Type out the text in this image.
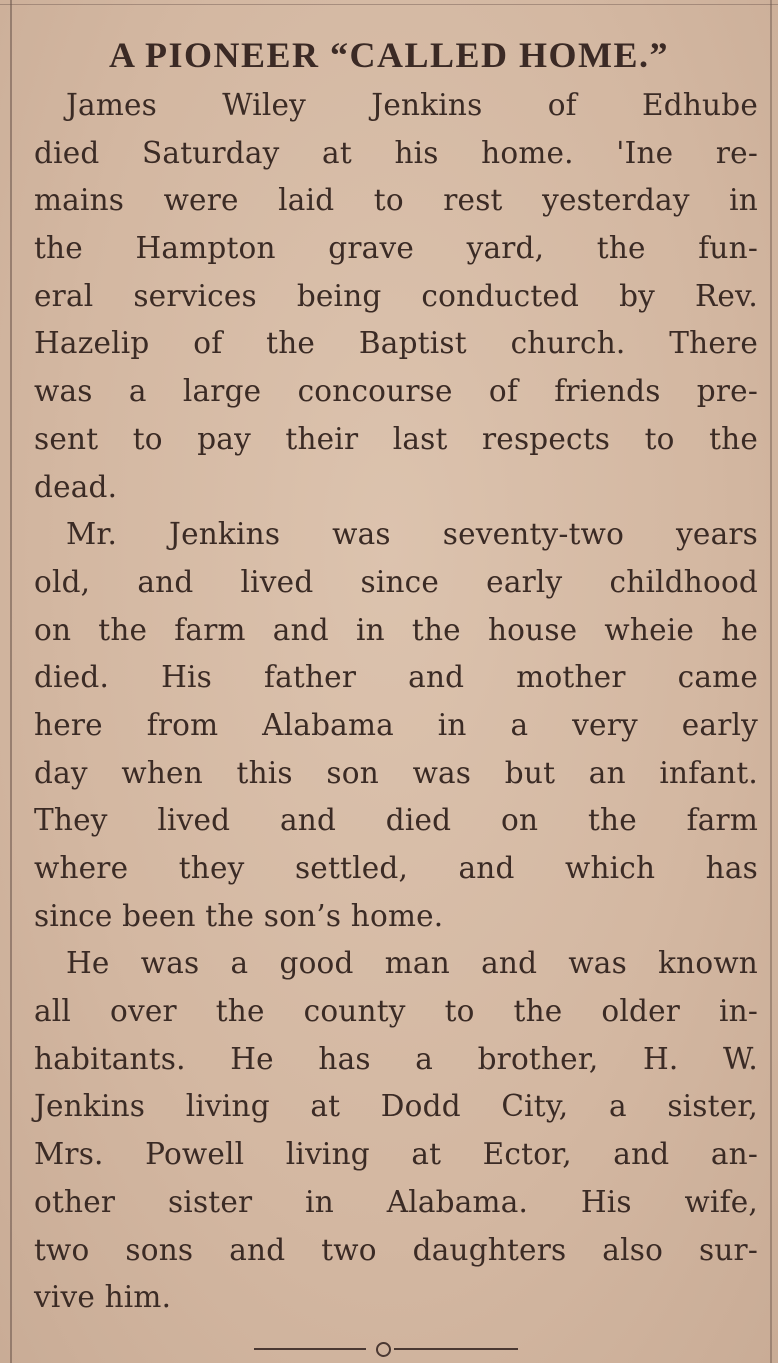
A PIONEER “CALLED HOME.”
James Wiley Jenkins of Edhube
died Saturday at his home. 'Ine re-
mains were laid to rest yesterday in
the Hampton grave yard, the fun-
eral services being conducted by Rev.
Hazelip of the Baptist church. There
was a large concourse of friends pre-
sent to pay their last respects to the
dead.
Mr. Jenkins was seventy-two years
old, and lived since early childhood
on the farm and in the house wheie he
died. His father and mother came
here from Alabama in a very early
day when this son was but an infant.
They lived and died on the farm
where they settled, and which has
since been the son’s home.
He was a good man and was known
all over the county to the older in-
habitants. He has a brother, H. W.
Jenkins living at Dodd City, a sister,
Mrs. Powell living at Ector, and an-
other sister in Alabama. His wife,
two sons and two daughters also sur-
vive him.
